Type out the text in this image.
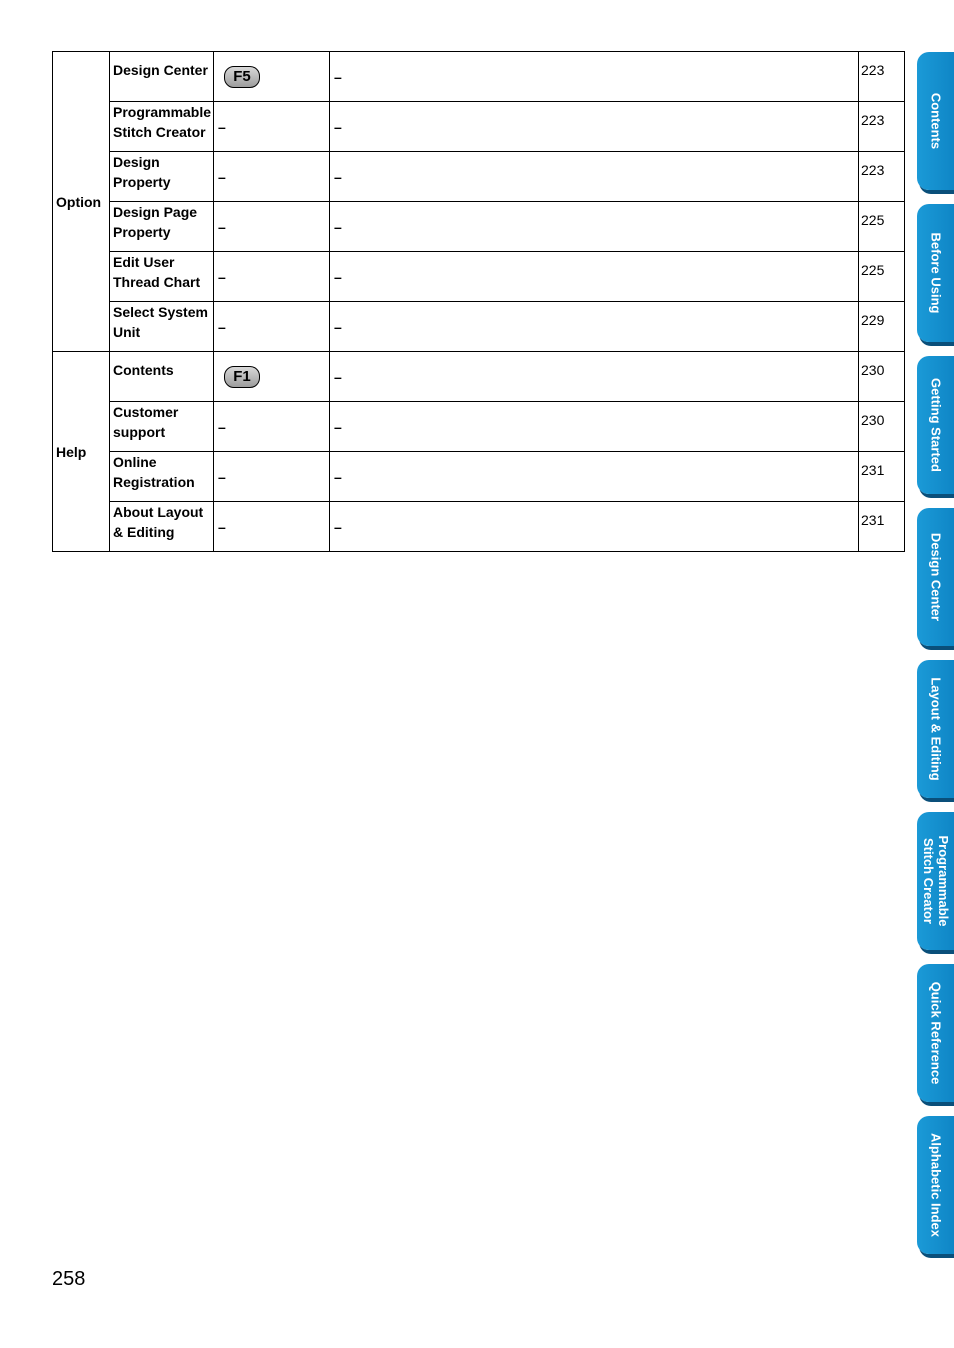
Option	Design Center	F5	–	223
	Programmable Stitch Creator	–	–	223
	Design Property	–	–	223
	Design Page Property	–	–	225
	Edit User Thread Chart	–	–	225
	Select System Unit	–	–	229
Help	Contents	F1	–	230
	Customer support	–	–	230
	Online Registration	–	–	231
	About Layout & Editing	–	–	231
258
Contents
Before Using
Getting Started
Design Center
Layout & Editing
Programmable
Stitch Creator
Quick Reference
Alphabetic Index
